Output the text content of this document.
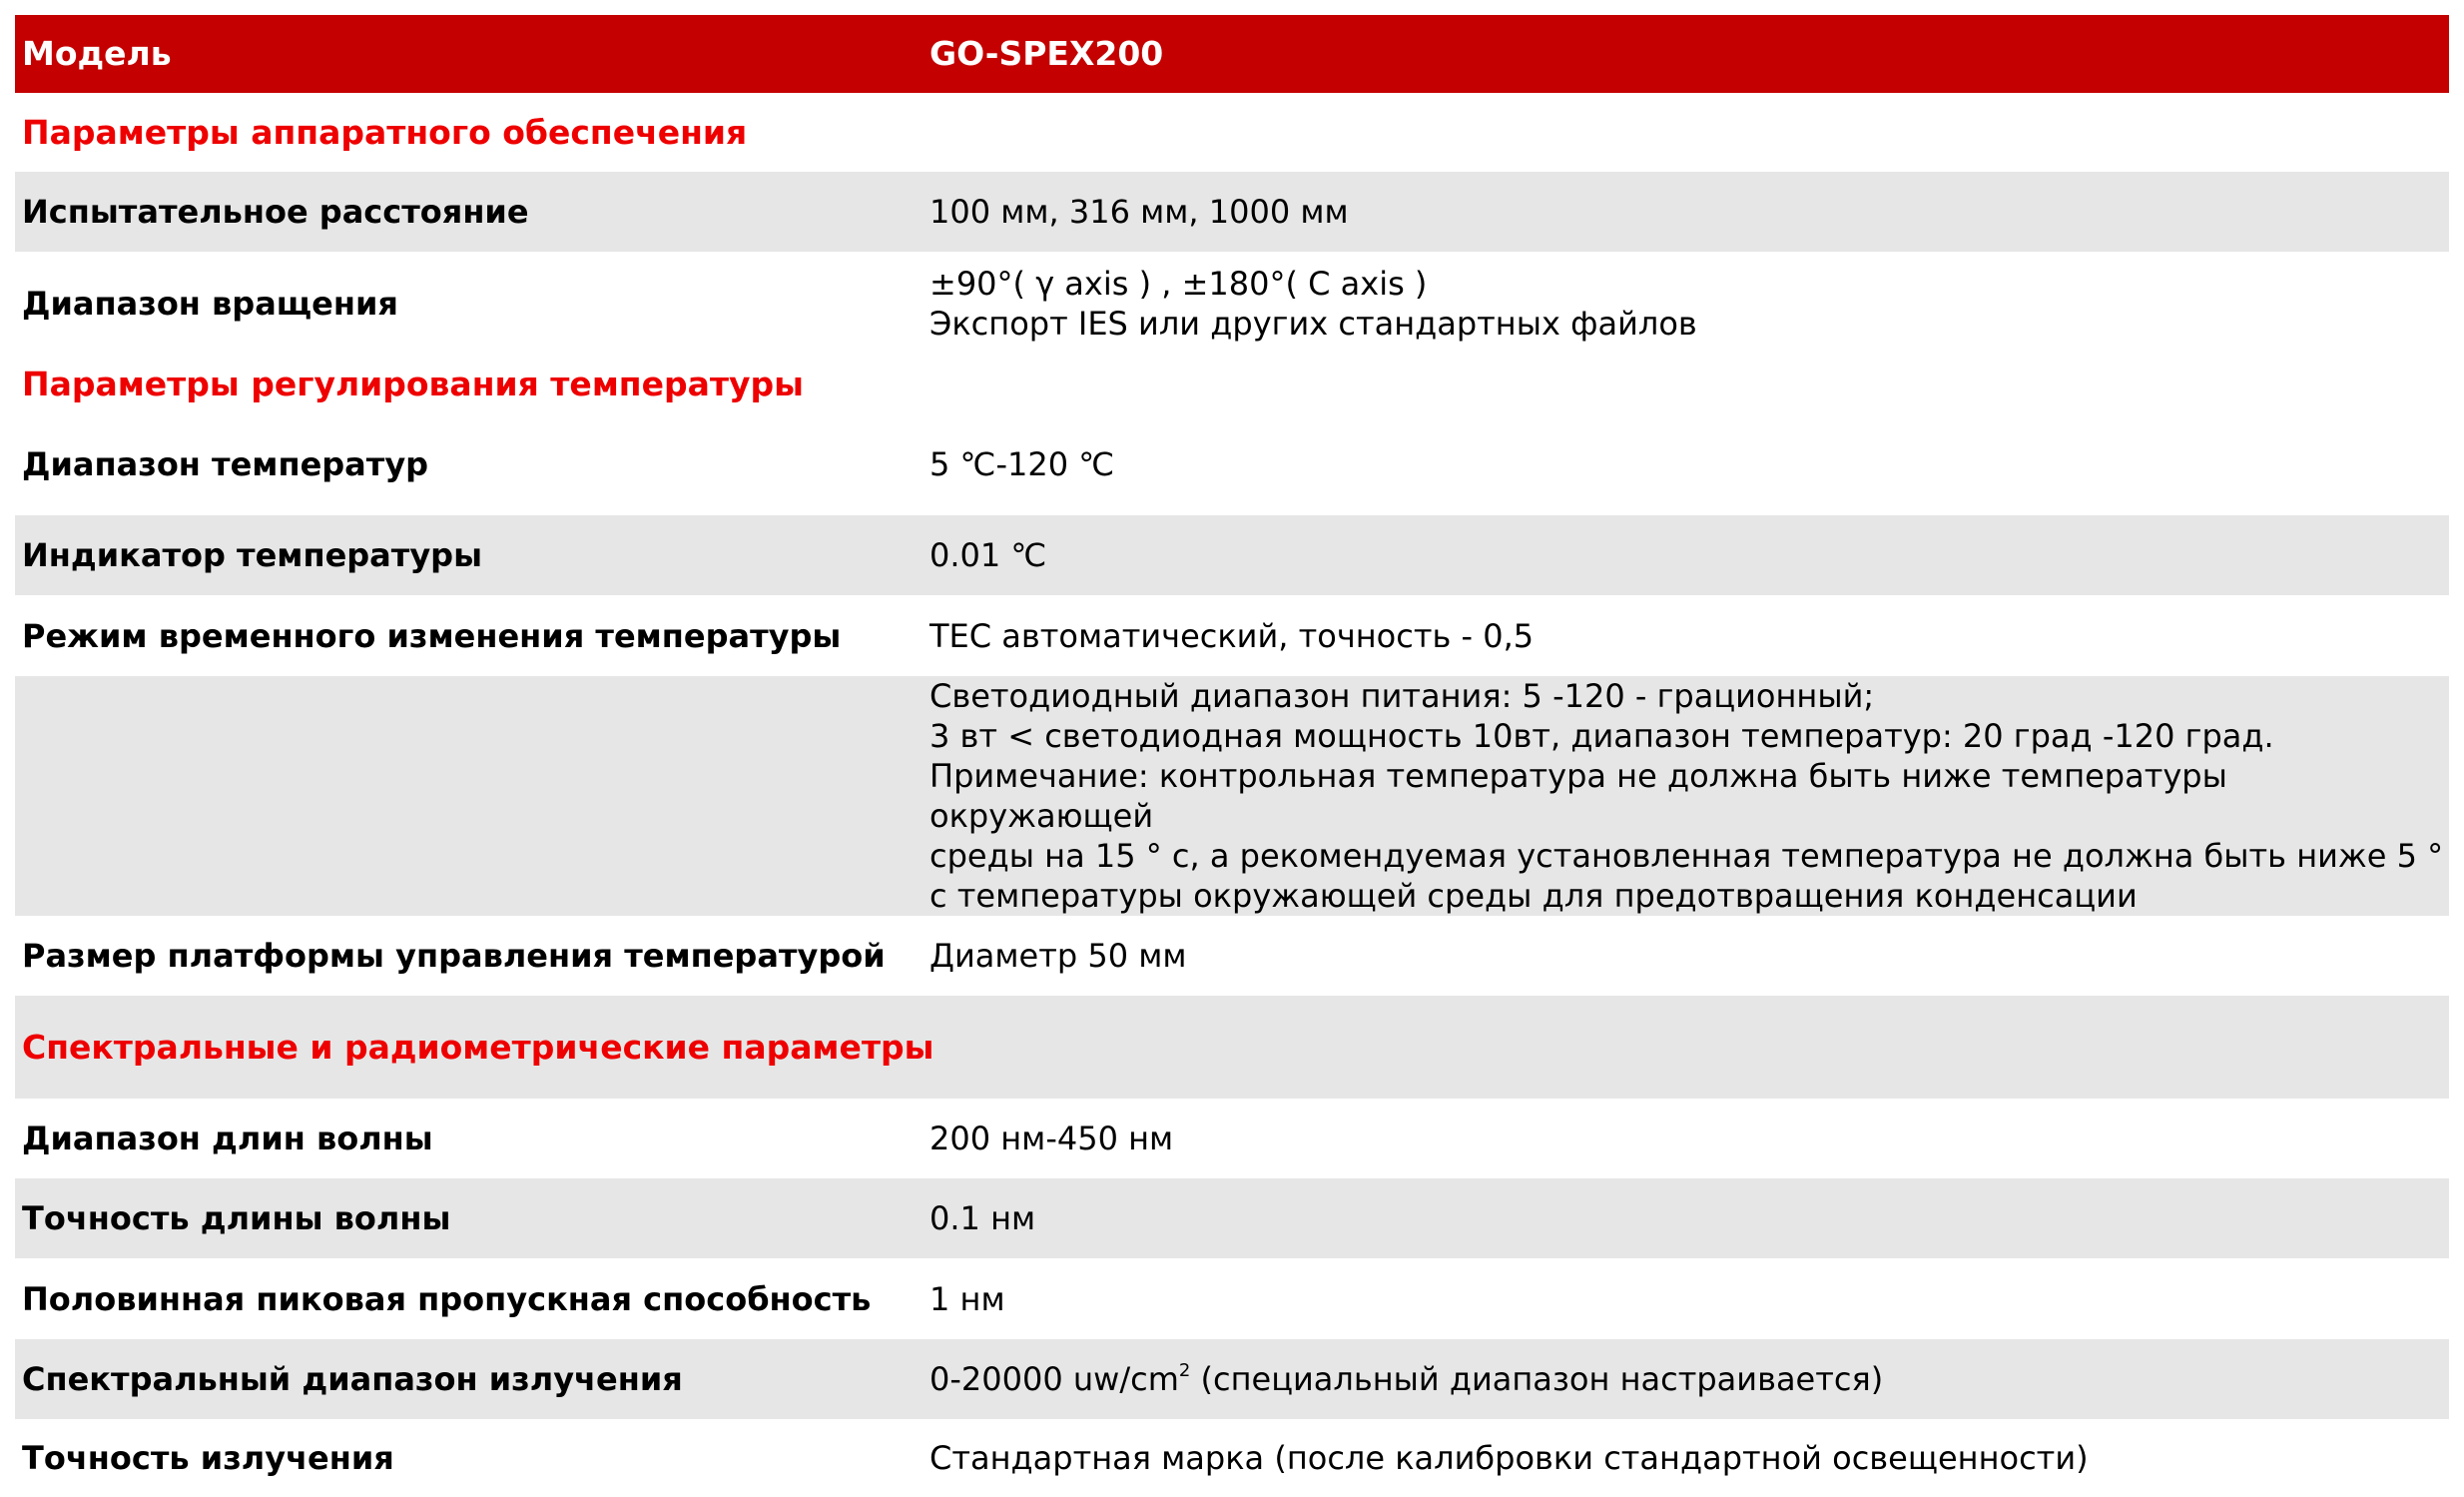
Модель	GO-SPEX200
Параметры аппаратного обеспечения	
Испытательное расстояние	100 мм, 316 мм, 1000 мм
Диапазон вращения	±90°( γ axis ) , ±180°( C axis )
Экспорт IES или других стандартных файлов

Параметры регулирования температуры	
Диапазон температур	5 ℃-120 ℃
Индикатор температуры	0.01 ℃
Режим временного изменения температуры	TEC автоматический, точность - 0,5

	Светодиодный диапазон питания: 5 -120 - грационный;
3 вт < светодиодная мощность 10вт, диапазон температур: 20 град -120 град.
Примечание: контрольная температура не должна быть ниже температуры окружающей
среды на 15 ° с, а рекомендуемая установленная температура не должна быть ниже 5 °
с температуры окружающей среды для предотвращения конденсации

Размер платформы управления температурой	Диаметр 50 мм
Спектральные и радиометрические параметры	
Диапазон длин волны	200 нм-450 нм
Точность длины волны	0.1 нм
Половинная пиковая пропускная способность	1 нм
Спектральный диапазон излучения	0-20000 $uw/cm^2$ (специальный диапазон настраивается)
Точность излучения	Стандартная марка (после калибровки стандартной освещенности)
